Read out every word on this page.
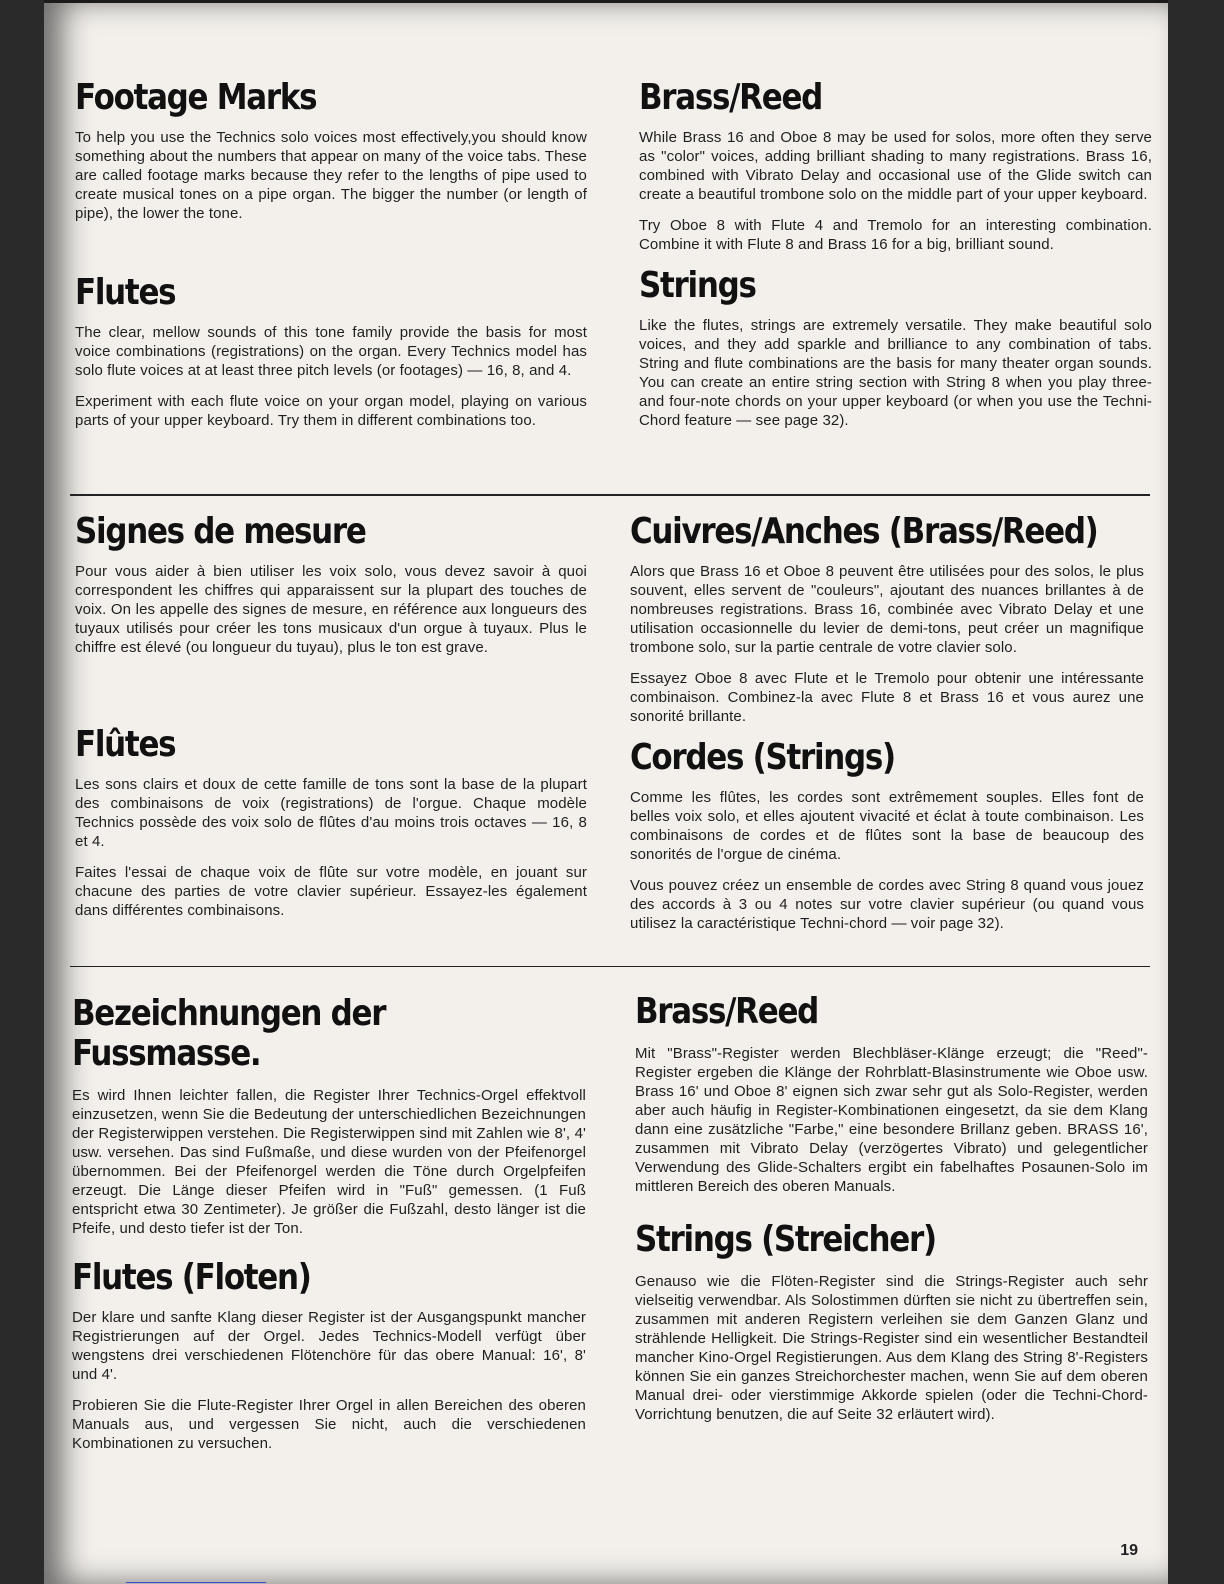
Footage Marks

To help you use the Technics solo voices most effectively,you should know something about the numbers that appear on many of the voice tabs. These are called footage marks because they refer to the lengths of pipe used to create musical tones on a pipe organ. The bigger the number (or length of pipe), the lower the tone.

Flutes

The clear, mellow sounds of this tone family provide the basis for most voice combinations (registrations) on the organ. Every Technics model has solo flute voices at at least three pitch levels (or footages) — 16, 8, and 4.

Experiment with each flute voice on your organ model, playing on various parts of your upper keyboard. Try them in different combinations too.

Brass/Reed

While Brass 16 and Oboe 8 may be used for solos, more often they serve as "color" voices, adding brilliant shading to many registrations. Brass 16, combined with Vibrato Delay and occasional use of the Glide switch can create a beautiful trombone solo on the middle part of your upper keyboard.

Try Oboe 8 with Flute 4 and Tremolo for an interesting combination. Combine it with Flute 8 and Brass 16 for a big, brilliant sound.

Strings

Like the flutes, strings are extremely versatile. They make beautiful solo voices, and they add sparkle and brilliance to any combination of tabs. String and flute combinations are the basis for many theater organ sounds. You can create an entire string section with String 8 when you play three- and four-note chords on your upper keyboard (or when you use the Techni-Chord feature — see page 32).

Signes de mesure

Pour vous aider à bien utiliser les voix solo, vous devez savoir à quoi correspondent les chiffres qui apparaissent sur la plupart des touches de voix. On les appelle des signes de mesure, en référence aux longueurs des tuyaux utilisés pour créer les tons musicaux d'un orgue à tuyaux. Plus le chiffre est élevé (ou longueur du tuyau), plus le ton est grave.

Flûtes

Les sons clairs et doux de cette famille de tons sont la base de la plupart des combinaisons de voix (registrations) de l'orgue. Chaque modèle Technics possède des voix solo de flûtes d'au moins trois octaves — 16, 8 et 4.

Faites l'essai de chaque voix de flûte sur votre modèle, en jouant sur chacune des parties de votre clavier supérieur. Essayez-les également dans différentes combinaisons.

Cuivres/Anches (Brass/Reed)

Alors que Brass 16 et Oboe 8 peuvent être utilisées pour des solos, le plus souvent, elles servent de "couleurs", ajoutant des nuances brillantes à de nombreuses registrations. Brass 16, combinée avec Vibrato Delay et une utilisation occasionnelle du levier de demi-tons, peut créer un magnifique trombone solo, sur la partie centrale de votre clavier solo.

Essayez Oboe 8 avec Flute et le Tremolo pour obtenir une intéressante combinaison. Combinez-la avec Flute 8 et Brass 16 et vous aurez une sonorité brillante.

Cordes (Strings)

Comme les flûtes, les cordes sont extrêmement souples. Elles font de belles voix solo, et elles ajoutent vivacité et éclat à toute combinaison. Les combinaisons de cordes et de flûtes sont la base de beaucoup des sonorités de l'orgue de cinéma.

Vous pouvez créez un ensemble de cordes avec String 8 quand vous jouez des accords à 3 ou 4 notes sur votre clavier supérieur (ou quand vous utilisez la caractéristique Techni-chord — voir page 32).

Bezeichnungen der Fussmasse.

Es wird Ihnen leichter fallen, die Register Ihrer Technics-Orgel effektvoll einzusetzen, wenn Sie die Bedeutung der unterschiedlichen Bezeichnungen der Registerwippen verstehen. Die Registerwippen sind mit Zahlen wie 8', 4' usw. versehen. Das sind Fußmaße, und diese wurden von der Pfeifenorgel übernommen. Bei der Pfeifenorgel werden die Töne durch Orgelpfeifen erzeugt. Die Länge dieser Pfeifen wird in "Fuß" gemessen. (1 Fuß entspricht etwa 30 Zentimeter). Je größer die Fußzahl, desto länger ist die Pfeife, und desto tiefer ist der Ton.

Flutes (Floten)

Der klare und sanfte Klang dieser Register ist der Ausgangspunkt mancher Registrierungen auf der Orgel. Jedes Technics-Modell verfügt über wengstens drei verschiedenen Flötenchöre für das obere Manual: 16', 8' und 4'.

Probieren Sie die Flute-Register Ihrer Orgel in allen Bereichen des oberen Manuals aus, und vergessen Sie nicht, auch die verschiedenen Kombinationen zu versuchen.

Brass/Reed

Mit "Brass"-Register werden Blechbläser-Klänge erzeugt; die "Reed"-Register ergeben die Klänge der Rohrblatt-Blasinstrumente wie Oboe usw. Brass 16' und Oboe 8' eignen sich zwar sehr gut als Solo-Register, werden aber auch häufig in Register-Kombinationen eingesetzt, da sie dem Klang dann eine zusätzliche "Farbe," eine besondere Brillanz geben. BRASS 16', zusammen mit Vibrato Delay (verzögertes Vibrato) und gelegentlicher Verwendung des Glide-Schalters ergibt ein fabelhaftes Posaunen-Solo im mittleren Bereich des oberen Manuals.

Strings (Streicher)

Genauso wie die Flöten-Register sind die Strings-Register auch sehr vielseitig verwendbar. Als Solostimmen dürften sie nicht zu übertreffen sein, zusammen mit anderen Registern verleihen sie dem Ganzen Glanz und strählende Helligkeit. Die Strings-Register sind ein wesentlicher Bestandteil mancher Kino-Orgel Registierungen. Aus dem Klang des String 8'-Registers können Sie ein ganzes Streichorchester machen, wenn Sie auf dem oberen Manual drei- oder vierstimmige Akkorde spielen (oder die Techni-Chord- Vorrichtung benutzen, die auf Seite 32 erläutert wird).

19
